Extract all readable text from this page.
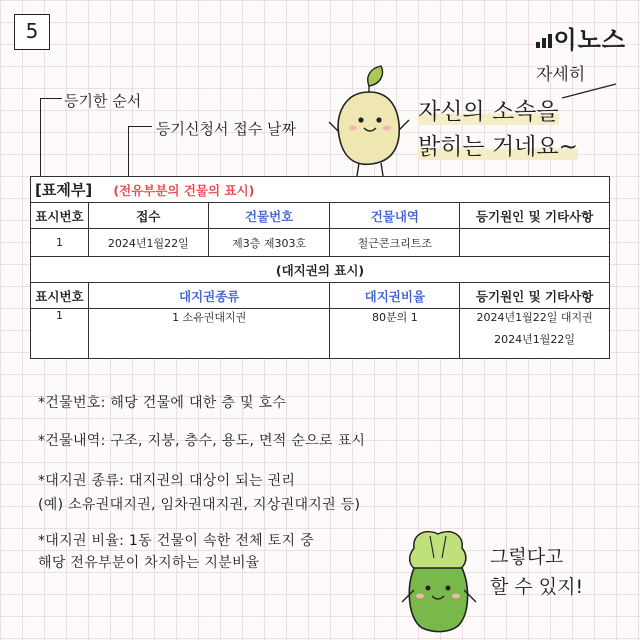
5	이노스
등기한 순서
등기신청서 접수 날짜
자세히
자신의 소속을
밝히는 거네요~
[표제부] (전유부분의 건물의 표시)				
표시번호	접수	건물번호	건물내역	등기원인 및 기타사항
1	2024년1월22일	제3층 제303호	철근콘크리트조	
(대지권의 표시)				
표시번호	대지권종류		대지권비율	등기원인 및 기타사항
1	1 소유권대지권		80분의 1	2024년1월22일 대지권
2024년1월22일
*건물번호: 해당 건물에 대한 층 및 호수
*건물내역: 구조, 지붕, 층수, 용도, 면적 순으로 표시
*대지권 종류: 대지권의 대상이 되는 권리
(예) 소유권대지권, 임차권대지권, 지상권대지권 등)
*대지권 비율: 1동 건물이 속한 전체 토지 중
해당 전유부분이 차지하는 지분비율	그렇다고
할 수 있지!
